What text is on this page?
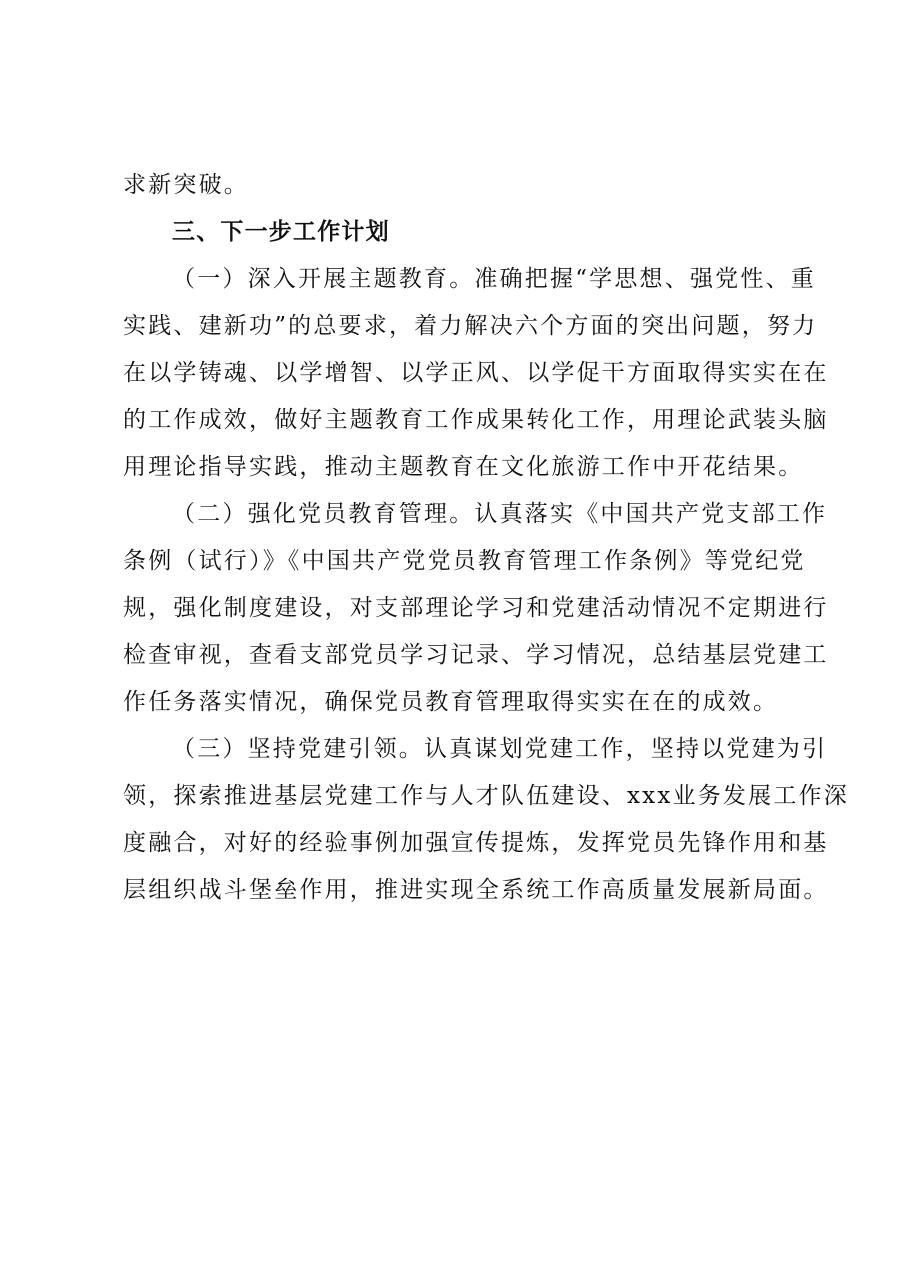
求新突破。
三、下一步工作计划
（一）深入开展主题教育。准确把握“学思想、强党性、重
实践、建新功”的总要求，着力解决六个方面的突出问题，努力
在以学铸魂、以学增智、以学正风、以学促干方面取得实实在在
的工作成效，做好主题教育工作成果转化工作，用理论武装头脑
用理论指导实践，推动主题教育在文化旅游工作中开花结果。
（二）强化党员教育管理。认真落实《中国共产党支部工作
条例（试行）》《中国共产党党员教育管理工作条例》等党纪党
规，强化制度建设，对支部理论学习和党建活动情况不定期进行
检查审视，查看支部党员学习记录、学习情况，总结基层党建工
作任务落实情况，确保党员教育管理取得实实在在的成效。
（三）坚持党建引领。认真谋划党建工作，坚持以党建为引
领，探索推进基层党建工作与人才队伍建设、xxx业务发展工作深
度融合，对好的经验事例加强宣传提炼，发挥党员先锋作用和基
层组织战斗堡垒作用，推进实现全系统工作高质量发展新局面。
